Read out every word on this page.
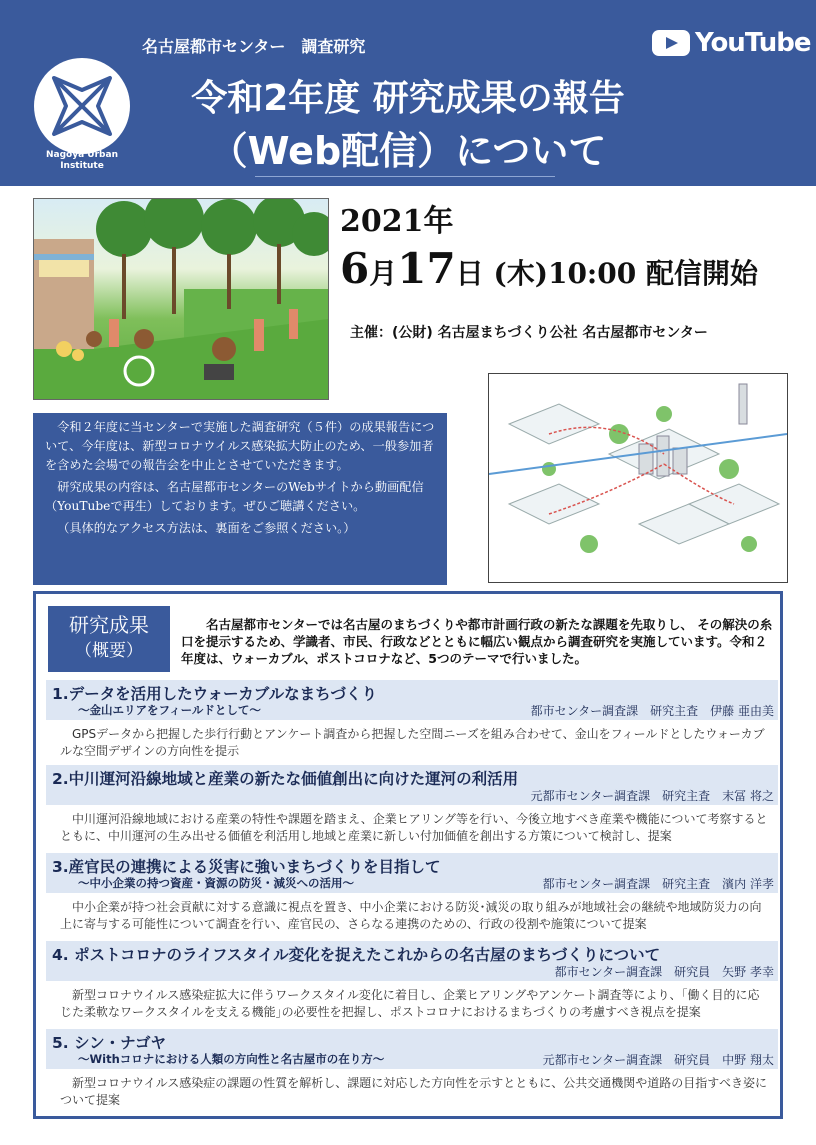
Nagoya Urban
Institute
名古屋都市センター　調査研究	YouTube
令和2年度 研究成果の報告
（Web配信）について
2021年
6月17日 (木)10:00 配信開始
主催：(公財) 名古屋まちづくり公社 名古屋都市センター

令和２年度に当センターで実施した調査研究（５件）の成果報告について、今年度は、新型コロナウイルス感染拡大防止のため、一般参加者を含めた会場での報告会を中止とさせていただきます。

研究成果の内容は、名古屋都市センターのWebサイトから動画配信（YouTubeで再生）しております。ぜひご聴講ください。

（具体的なアクセス方法は、裏面をご参照ください。）

研究成果
（概要）
名古屋都市センターでは名古屋のまちづくりや都市計画行政の新たな課題を先取りし、 その解決の糸口を提示するため、学識者、市民、行政などとともに幅広い観点から調査研究を実施しています。令和２年度は、ウォーカブル、ポストコロナなど、5つのテーマで行いました。
1.データを活用したウォーカブルなまちづくり
～金山エリアをフィールドとして～	都市センター調査課　研究主査　伊藤 亜由美
GPSデータから把握した歩行行動とアンケート調査から把握した空間ニーズを組み合わせて、金山をフィールドとしたウォーカブルな空間デザインの方向性を提示
2.中川運河沿線地域と産業の新たな価値創出に向けた運河の利活用
元都市センター調査課　研究主査　末冨 将之
中川運河沿線地域における産業の特性や課題を踏まえ、企業ヒアリング等を行い、今後立地すべき産業や機能について考察するとともに、中川運河の生み出せる価値を利活用し地域と産業に新しい付加価値を創出する方策について検討し、提案
3.産官民の連携による災害に強いまちづくりを目指して
～中小企業の持つ資産・資源の防災・減災への活用～	都市センター調査課　研究主査　濱内 洋孝
中小企業が持つ社会貢献に対する意識に視点を置き、中小企業における防災･減災の取り組みが地域社会の継続や地域防災力の向上に寄与する可能性について調査を行い、産官民の、さらなる連携のための、行政の役割や施策について提案
4. ポストコロナのライフスタイル変化を捉えたこれからの名古屋のまちづくりについて
都市センター調査課　研究員　矢野 孝幸
新型コロナウイルス感染症拡大に伴うワークスタイル変化に着目し、企業ヒアリングやアンケート調査等により、｢働く目的に応じた柔軟なワークスタイルを支える機能｣の必要性を把握し、ポストコロナにおけるまちづくりの考慮すべき視点を提案
5. シン・ナゴヤ
～Withコロナにおける人類の方向性と名古屋市の在り方～	元都市センター調査課　研究員　中野 翔太
新型コロナウイルス感染症の課題の性質を解析し、課題に対応した方向性を示すとともに、公共交通機関や道路の目指すべき姿について提案
